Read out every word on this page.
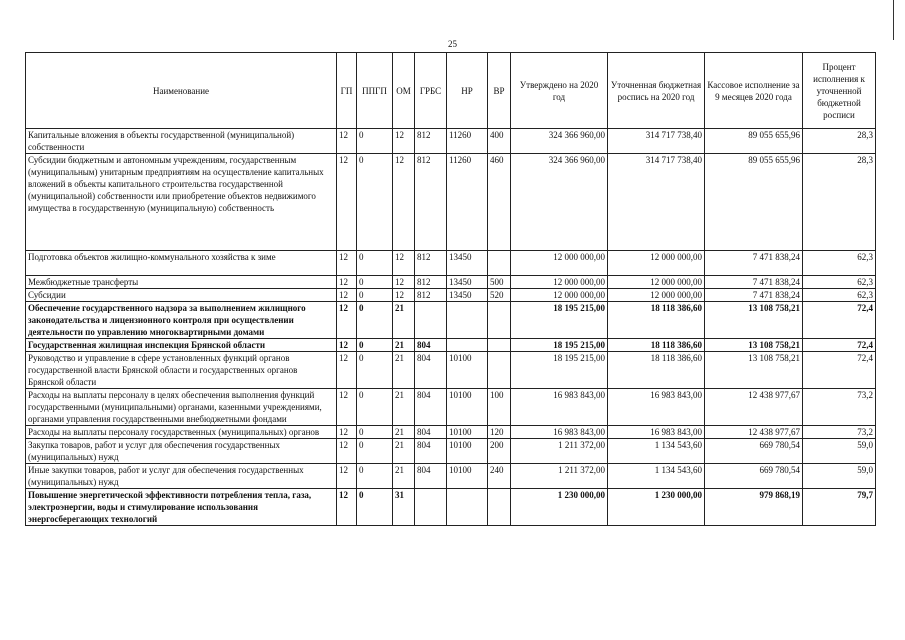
25
Наименование	ГП	ППГП	ОМ	ГРБС	НР	ВР	Утверждено на 2020 год	Уточненная бюджетная роспись на 2020 год	Кассовое исполнение за 9 месяцев 2020 года	Процент исполнения к уточненной бюджетной росписи
Капитальные вложения в объекты государственной (муниципальной) собственности	12	0	12	812	11260	400	324 366 960,00	314 717 738,40	89 055 655,96	28,3
Субсидии бюджетным и автономным учреждениям, государственным (муниципальным) унитарным предприятиям на осуществление капитальных вложений в объекты капитального строительства государственной (муниципальной) собственности или приобретение объектов недвижимого имущества в государственную (муниципальную) собственность	12	0	12	812	11260	460	324 366 960,00	314 717 738,40	89 055 655,96	28,3
Подготовка объектов жилищно-коммунального хозяйства к зиме	12	0	12	812	13450		12 000 000,00	12 000 000,00	7 471 838,24	62,3
Межбюджетные трансферты	12	0	12	812	13450	500	12 000 000,00	12 000 000,00	7 471 838,24	62,3
Субсидии	12	0	12	812	13450	520	12 000 000,00	12 000 000,00	7 471 838,24	62,3
Обеспечение государственного надзора за выполнением жилищного законодательства и лицензионного контроля при осуществлении деятельности по управлению многоквартирными домами	12	0	21				18 195 215,00	18 118 386,60	13 108 758,21	72,4
Государственная жилищная инспекция Брянской области	12	0	21	804			18 195 215,00	18 118 386,60	13 108 758,21	72,4
Руководство и управление в сфере установленных функций органов государственной власти Брянской области и государственных органов Брянской области	12	0	21	804	10100		18 195 215,00	18 118 386,60	13 108 758,21	72,4
Расходы на выплаты персоналу в целях обеспечения выполнения функций государственными (муниципальными) органами, казенными учреждениями, органами управления государственными внебюджетными фондами	12	0	21	804	10100	100	16 983 843,00	16 983 843,00	12 438 977,67	73,2
Расходы на выплаты персоналу государственных (муниципальных) органов	12	0	21	804	10100	120	16 983 843,00	16 983 843,00	12 438 977,67	73,2
Закупка товаров, работ и услуг для обеспечения государственных (муниципальных) нужд	12	0	21	804	10100	200	1 211 372,00	1 134 543,60	669 780,54	59,0
Иные закупки товаров, работ и услуг для обеспечения государственных (муниципальных) нужд	12	0	21	804	10100	240	1 211 372,00	1 134 543,60	669 780,54	59,0
Повышение энергетической эффективности потребления тепла, газа, электроэнергии, воды и стимулирование использования энергосберегающих технологий	12	0	31				1 230 000,00	1 230 000,00	979 868,19	79,7
